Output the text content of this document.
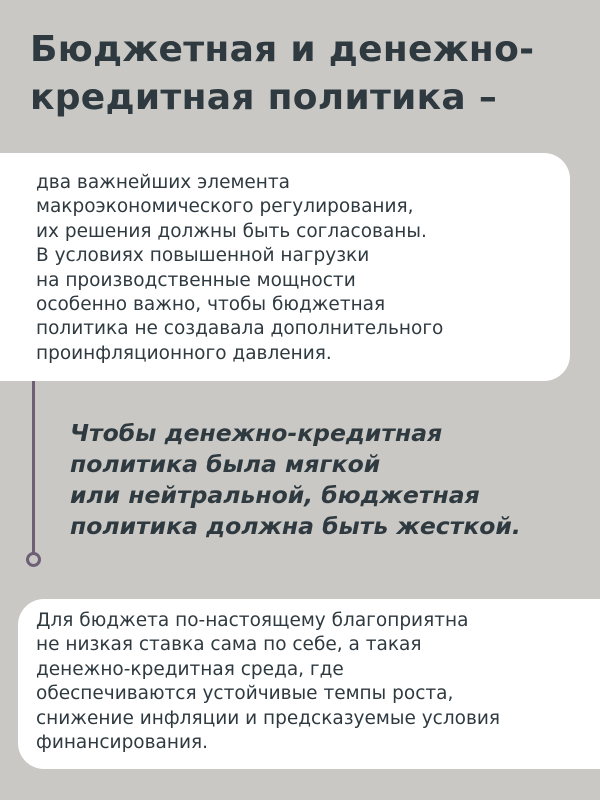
Бюджетная и денежно-
кредитная политика –

два важнейших элемента
макроэкономического регулирования,
их решения должны быть согласованы.
В условиях повышенной нагрузки
на производственные мощности
особенно важно, чтобы бюджетная
политика не создавала дополнительного
проинфляционного давления.

Чтобы денежно-кредитная
политика была мягкой
или нейтральной, бюджетная
политика должна быть жесткой.

Для бюджета по-настоящему благоприятна
не низкая ставка сама по себе, а такая
денежно-кредитная среда, где
обеспечиваются устойчивые темпы роста,
снижение инфляции и предсказуемые условия
финансирования.
